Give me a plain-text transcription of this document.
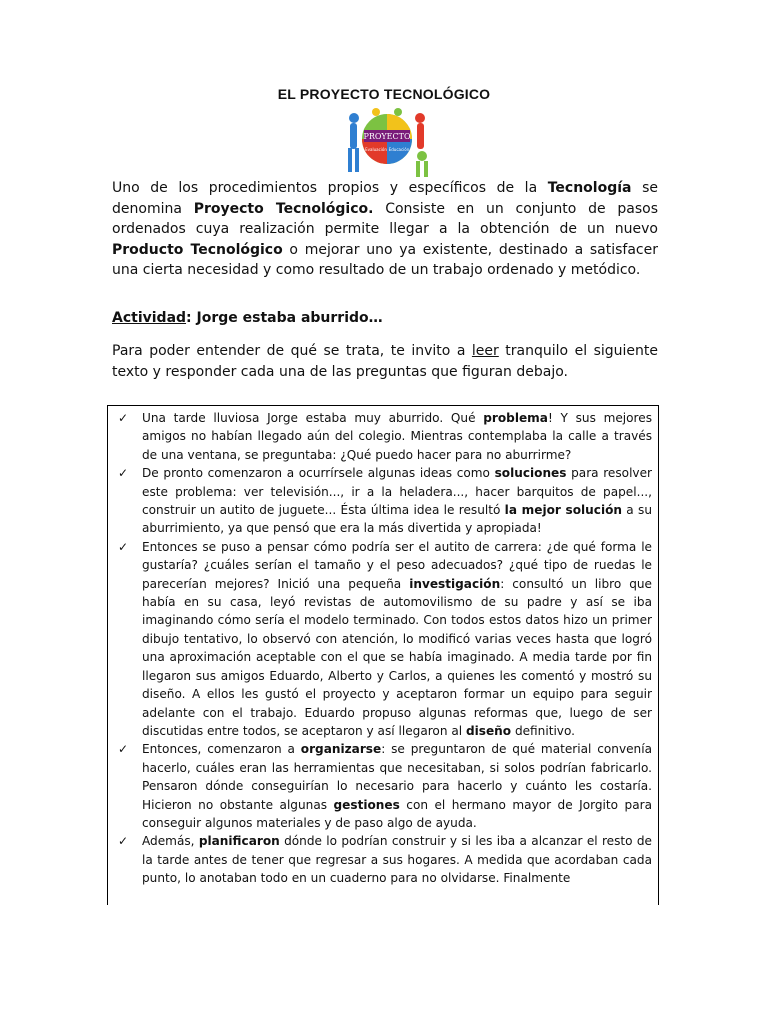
EL PROYECTO TECNOLÓGICO
PROYECTO
Evaluación Educación

Uno de los procedimientos propios y específicos de la Tecnología se denomina Proyecto Tecnológico. Consiste en un conjunto de pasos ordenados cuya realización permite llegar a la obtención de un nuevo Producto Tecnológico o mejorar uno ya existente, destinado a satisfacer una cierta necesidad y como resultado de un trabajo ordenado y metódico.

Actividad: Jorge estaba aburrido…

Para poder entender de qué se trata, te invito a leer tranquilo el siguiente texto y responder cada una de las preguntas que figuran debajo.

✓	Una tarde lluviosa Jorge estaba muy aburrido. Qué problema! Y sus mejores amigos no habían llegado aún del colegio. Mientras contemplaba la calle a través de una ventana, se preguntaba: ¿Qué puedo hacer para no aburrirme?
✓	De pronto comenzaron a ocurrírsele algunas ideas como soluciones para resolver este problema: ver televisión..., ir a la heladera..., hacer barquitos de papel..., construir un autito de juguete... Ésta última idea le resultó la mejor solución a su aburrimiento, ya que pensó que era la más divertida y apropiada!
✓	Entonces se puso a pensar cómo podría ser el autito de carrera: ¿de qué forma le gustaría? ¿cuáles serían el tamaño y el peso adecuados? ¿qué tipo de ruedas le parecerían mejores? Inició una pequeña investigación: consultó un libro que había en su casa, leyó revistas de automovilismo de su padre y así se iba imaginando cómo sería el modelo terminado. Con todos estos datos hizo un primer dibujo tentativo, lo observó con atención, lo modificó varias veces hasta que logró una aproximación aceptable con el que se había imaginado. A media tarde por fin llegaron sus amigos Eduardo, Alberto y Carlos, a quienes les comentó y mostró su diseño. A ellos les gustó el proyecto y aceptaron formar un equipo para seguir adelante con el trabajo. Eduardo propuso algunas reformas que, luego de ser discutidas entre todos, se aceptaron y así llegaron al diseño definitivo.
✓	Entonces, comenzaron a organizarse: se preguntaron de qué material convenía hacerlo, cuáles eran las herramientas que necesitaban, si solos podrían fabricarlo. Pensaron dónde conseguirían lo necesario para hacerlo y cuánto les costaría. Hicieron no obstante algunas gestiones con el hermano mayor de Jorgito para conseguir algunos materiales y de paso algo de ayuda.
✓	Además, planificaron dónde lo podrían construir y si les iba a alcanzar el resto de la tarde antes de tener que regresar a sus hogares. A medida que acordaban cada punto, lo anotaban todo en un cuaderno para no olvidarse. Finalmente
